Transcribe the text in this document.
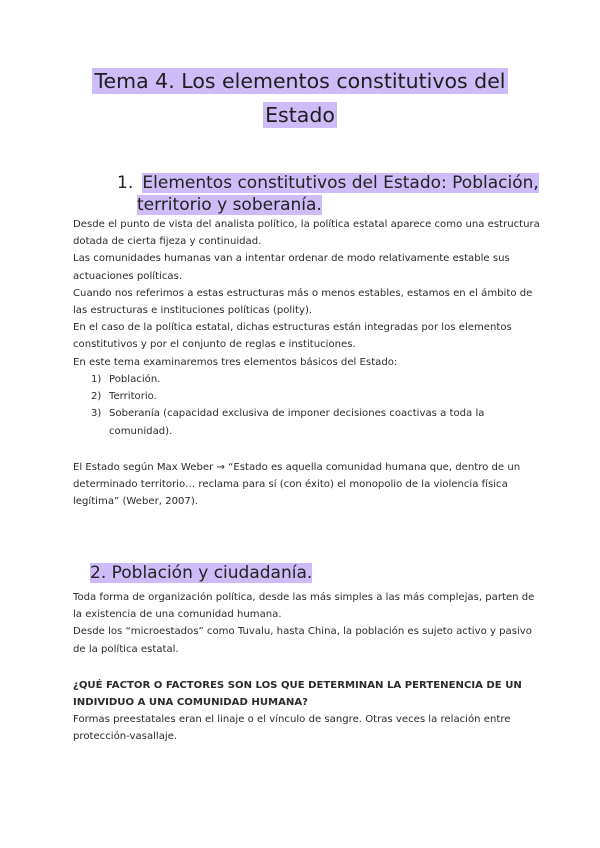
Tema 4. Los elementos constitutivos del
Estado
1. Elementos constitutivos del Estado: Población,
territorio y soberanía.
Desde el punto de vista del analista político, la política estatal aparece como una estructura
dotada de cierta fijeza y continuidad.
Las comunidades humanas van a intentar ordenar de modo relativamente estable sus
actuaciones políticas.
Cuando nos referimos a estas estructuras más o menos estables, estamos en el ámbito de
las estructuras e instituciones políticas (polity).
En el caso de la política estatal, dichas estructuras están integradas por los elementos
constitutivos y por el conjunto de reglas e instituciones.
En este tema examinaremos tres elementos básicos del Estado:
1) Población.
2) Territorio.
3) Soberanía (capacidad exclusiva de imponer decisiones coactivas a toda la
comunidad).
El Estado según Max Weber → “Estado es aquella comunidad humana que, dentro de un
determinado territorio… reclama para sí (con éxito) el monopolio de la violencia física
legítima” (Weber, 2007).
2. Población y ciudadanía.
Toda forma de organización política, desde las más simples a las más complejas, parten de
la existencia de una comunidad humana.
Desde los “microestados” como Tuvalu, hasta China, la población es sujeto activo y pasivo
de la política estatal.
¿QUÉ FACTOR O FACTORES SON LOS QUE DETERMINAN LA PERTENENCIA DE UN
INDIVIDUO A UNA COMUNIDAD HUMANA?
Formas preestatales eran el linaje o el vínculo de sangre. Otras veces la relación entre
protección-vasallaje.
